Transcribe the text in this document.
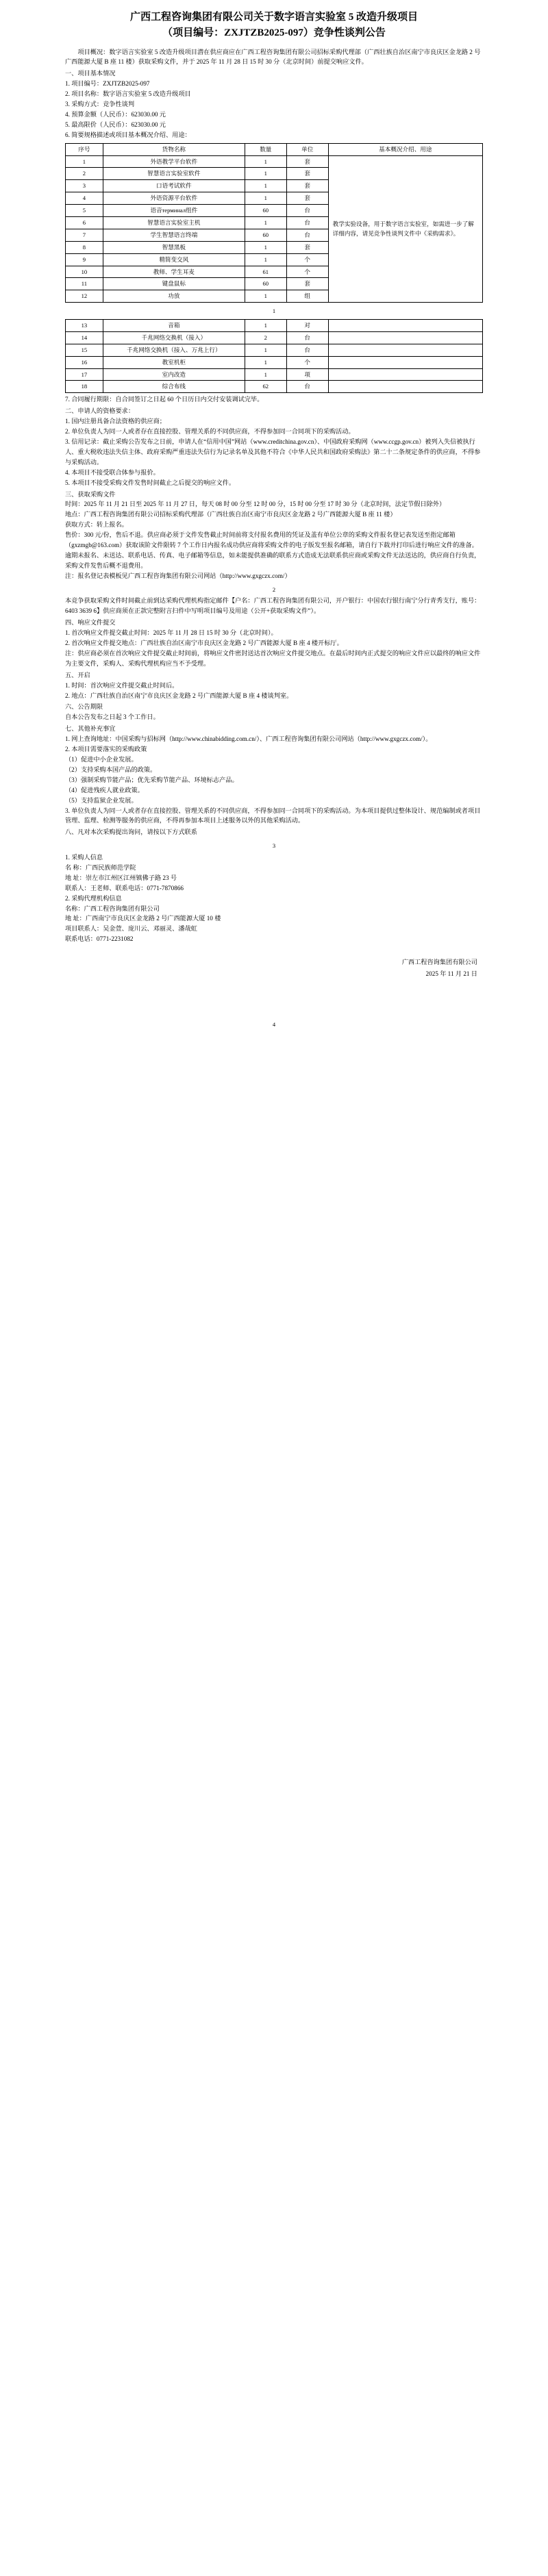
广西工程咨询集团有限公司关于数字语言实验室 5 改造升级项目
（项目编号：ZXJTZB2025-097）竞争性谈判公告

项目概况：数字语言实验室 5 改造升级项目潜在供应商应在广西工程咨询集团有限公司招标采购代理部（广西壮族自治区南宁市良庆区金龙路 2 号广西能源大厦 B 座 11 楼）获取采购文件，并于 2025 年 11 月 28 日 15 时 30 分（北京时间）前提交响应文件。

一、项目基本情况

1. 项目编号：ZXJTZB2025-097

2. 项目名称：数字语言实验室 5 改造升级项目

3. 采购方式：竞争性谈判

4. 预算金额（人民币）：623030.00 元

5. 最高限价（人民币）：623030.00 元

6. 简要规格描述或项目基本概况介绍、用途：

序号	货物名称	数量	单位	基本概况介绍、用途
1	外语教学平台软件	1	套	教学实验设备，用于数字语言实验室，如需进一步了解详细内容，请见竞争性谈判文件中《采购需求》。
2	智慧语言实验室软件	1	套	
3	口语考试软件	1	套	
4	外语资源平台软件	1	套	
5	语音терминал组件	60	台	
6	智慧语言实验室主机	1	台	
7	学生智慧语言终端	60	台	
8	智慧黑板	1	套	
9	精简变交风	1	个	
10	教师、学生耳麦	61	个	
11	键盘鼠标	60	套	
12	功放	1	组	
1
13	音箱	1	对	
14	千兆网络交换机（接入）	2	台	
15	千兆网络交换机（接入、万兆上行）	1	台	
16	教室机柜	1	个	
17	室内改造	1	项	
18	综合布线	62	台	

7. 合同履行期限：自合同签订之日起 60 个日历日内交付安装调试完毕。

二、申请人的资格要求：

1. 国内注册具备合法资格的供应商；

2. 单位负责人为同一人或者存在直接控股、管理关系的不同供应商，不得参加同一合同项下的采购活动。

3. 信用记录：截止采购公告发布之日前，申请人在“信用中国”网站（www.creditchina.gov.cn）、中国政府采购网（www.ccgp.gov.cn）被列入失信被执行人、重大税收违法失信主体、政府采购严重违法失信行为记录名单及其他不符合《中华人民共和国政府采购法》第二十二条规定条件的供应商，不得参与采购活动。

4. 本项目不接受联合体参与报价。

5. 本项目不接受采购文件发售时间截止之后提交的响应文件。

三、获取采购文件

时间：2025 年 11 月 21 日至 2025 年 11 月 27 日，每天 08 时 00 分至 12 时 00 分，15 时 00 分至 17 时 30 分（北京时间，法定节假日除外）

地点：广西工程咨询集团有限公司招标采购代理部（广西壮族自治区南宁市良庆区金龙路 2 号广西能源大厦 B 座 11 楼）

获取方式：转上报名。

售价：300 元/份，售后不退。供应商必须于文件发售截止时间前将支付报名费用的凭证及盖有单位公章的采购文件报名登记表发送至指定邮箱（gxzmgb@163.com）获取该阶文件限转 7 个工作日内报名成功供应商将采购文件的电子版发至报名邮箱，请自行下载并打印后进行响应文件的准备。逾期未报名、未送达、联系电话、传真、电子邮箱等信息，如未能提供准确的联系方式造成无法联系供应商或采购文件无法送达的，供应商自行负责，采购文件发售后概不退费用。

注：报名登记表模板见广西工程咨询集团有限公司网站（http://www.gxgczx.com/）

2

本竞争获取采购文件时间截止前到达采购代理机构指定邮件【户名：广西工程咨询集团有限公司，开户银行：中国农行银行南宁分行青秀支行，账号：6403 3639 6】供应商须在正款完整附言扫件中写明项目编号及用途（公开+获取采购文件”）。

四、响应文件提交

1. 首次响应文件提交截止时间：2025 年 11 月 28 日 15 时 30 分（北京时间）。

2. 首次响应文件提交地点：广西壮族自治区南宁市良庆区金龙路 2 号广西能源大厦 B 座 4 楼开标厅。

注：供应商必须在首次响应文件提交截止时间前，将响应文件密封送达首次响应文件提交地点。在最后时间内正式提交的响应文件应以最终的响应文件为主要文件，采购人、采购代理机构应当不予受理。

五、开启

1. 时间：首次响应文件提交截止时间后。

2. 地点：广西壮族自治区南宁市良庆区金龙路 2 号广西能源大厦 B 座 4 楼谈判室。

六、公告期限

自本公告发布之日起 3 个工作日。

七、其他补充事宜

1. 网上查询地址：中国采购与招标网（http://www.chinabidding.com.cn/）、广西工程咨询集团有限公司网站（http://www.gxgczx.com/）。

2. 本项目需要落实的采购政策

（1）促进中小企业发展。

（2）支持采购本国产品的政策。

（3）强制采购节能产品；优先采购节能产品、环境标志产品。

（4）促进残疾人就业政策。

（5）支持监狱企业发展。

3. 单位负责人为同一人或者存在直接控股、管理关系的不同供应商，不得参加同一合同项下的采购活动。为本项目提供过整体设计、规范编制或者项目管理、监理、检测等服务的供应商，不得再参加本项目上述服务以外的其他采购活动。

八、凡对本次采购提出询问，请按以下方式联系

3

1. 采购人信息

名 称：广西民族师范学院

地 址：崇左市江州区江州镇佛子路 23 号

联系人：王老师、联系电话：0771-7870866

2. 采购代理机构信息

名称：广西工程咨询集团有限公司

地 址：广西南宁市良庆区金龙路 2 号广西能源大厦 10 楼

项目联系人：吴金萱、庞川云、邓丽灵、潘哉虹

联系电话：0771-2231082

广西工程咨询集团有限公司
2025 年 11 月 21 日
4
